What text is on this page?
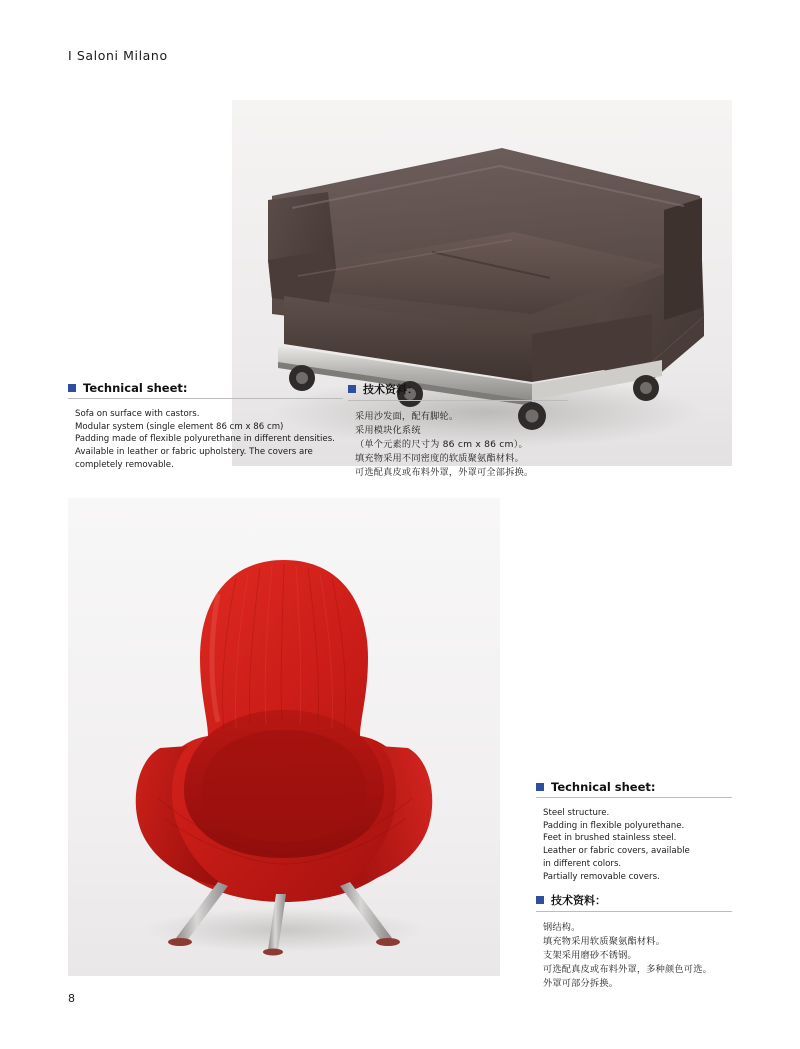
I Saloni Milano
Technical sheet:
Sofa on surface with castors.
Modular system (single element 86 cm x 86 cm)
Padding made of flexible polyurethane in different densities.
Available in leather or fabric upholstery. The covers are
completely removable.
技术资料：
采用沙发面，配有脚轮。
采用模块化系统
（单个元素的尺寸为 86 cm x 86 cm）。
填充物采用不同密度的软质聚氨酯材料。
可选配真皮或布料外罩，外罩可全部拆换。
Technical sheet:
Steel structure.
Padding in flexible polyurethane.
Feet in brushed stainless steel.
Leather or fabric covers, available
in different colors.
Partially removable covers.
技术资料：
钢结构。
填充物采用软质聚氨酯材料。
支架采用磨砂不锈钢。
可选配真皮或布料外罩，多种颜色可选。
外罩可部分拆换。
8
